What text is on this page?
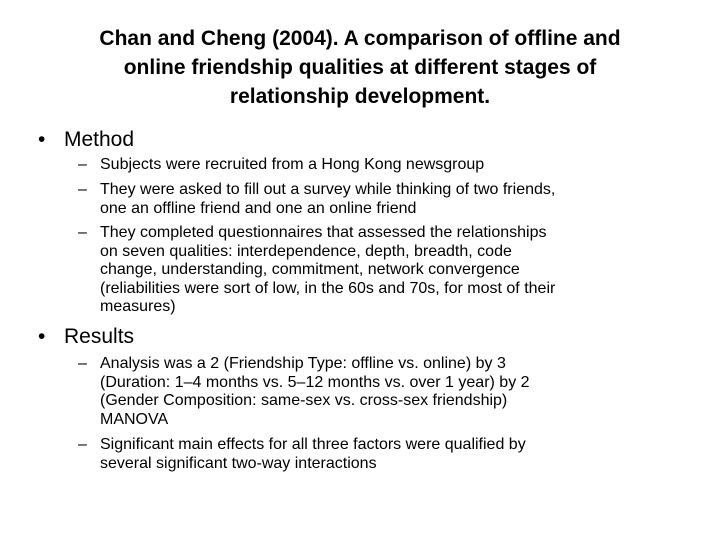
Chan and Cheng (2004). A comparison of offline and
online friendship qualities at different stages of
relationship development.
• Method
– Subjects were recruited from a Hong Kong newsgroup
– They were asked to fill out a survey while thinking of two friends,
one an offline friend and one an online friend
– They completed questionnaires that assessed the relationships
on seven qualities: interdependence, depth, breadth, code
change, understanding, commitment, network convergence
(reliabilities were sort of low, in the 60s and 70s, for most of their
measures)
• Results
– Analysis was a 2 (Friendship Type: offline vs. online) by 3
(Duration: 1–4 months vs. 5–12 months vs. over 1 year) by 2
(Gender Composition: same-sex vs. cross-sex friendship)
MANOVA
– Significant main effects for all three factors were qualified by
several significant two-way interactions
